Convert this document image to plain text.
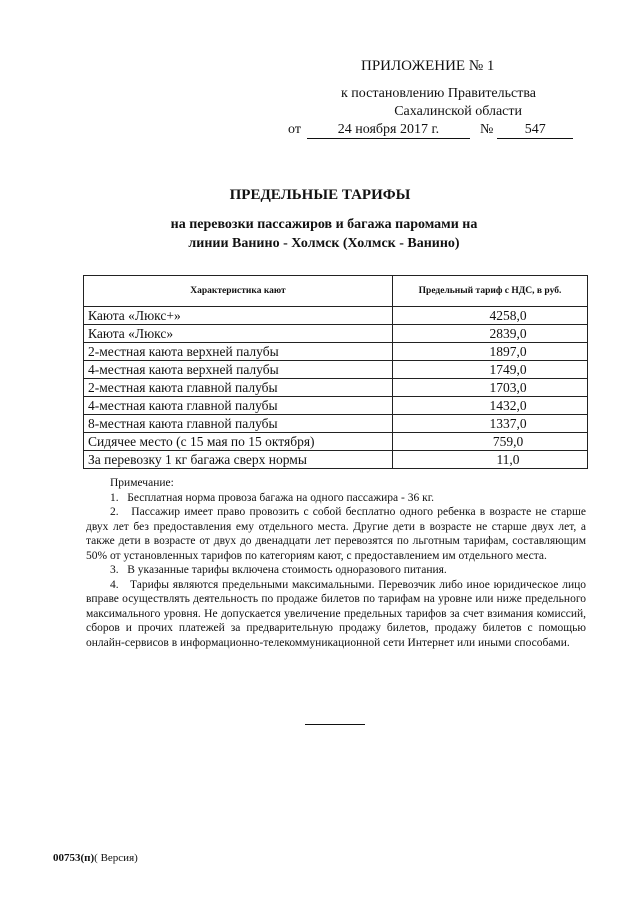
ПРИЛОЖЕНИЕ № 1
к постановлению Правительства
Сахалинской области
от	24 ноября 2017 г.	№ 547
ПРЕДЕЛЬНЫЕ ТАРИФЫ
на перевозки пассажиров и багажа паромами на
линии Ванино - Холмск (Холмск - Ванино)
Характеристика кают	Предельный тариф с НДС, в руб.
Каюта «Люкс+»	4258,0
Каюта «Люкс»	2839,0
2-местная каюта верхней палубы	1897,0
4-местная каюта верхней палубы	1749,0
2-местная каюта главной палубы	1703,0
4-местная каюта главной палубы	1432,0
8-местная каюта главной палубы	1337,0
Сидячее место (с 15 мая по 15 октября)	759,0
За перевозку 1 кг багажа сверх нормы	11,0

Примечание:

1.   Бесплатная норма провоза багажа на одного пассажира - 36 кг.

2.   Пассажир имеет право провозить с собой бесплатно одного ребенка в возрасте не старше двух лет без предоставления ему отдельного места. Другие дети в возрасте не старше двух лет, а также дети в возрасте от двух до двенадцати лет перевозятся по льготным тарифам, составляющим 50% от установленных тарифов по категориям кают, с предоставлением им отдельного места.

3.   В указанные тарифы включена стоимость одноразового питания.

4.   Тарифы являются предельными максимальными. Перевозчик либо иное юридическое лицо вправе осуществлять деятельность по продаже билетов по тарифам на уровне или ниже предельного максимального уровня. Не допускается увеличение предельных тарифов за счет взимания комиссий, сборов и прочих платежей за предварительную продажу билетов, продажу билетов с помощью онлайн-сервисов в информационно-телекоммуникационной сети Интернет или иными способами.

00753(п)( Версия)
